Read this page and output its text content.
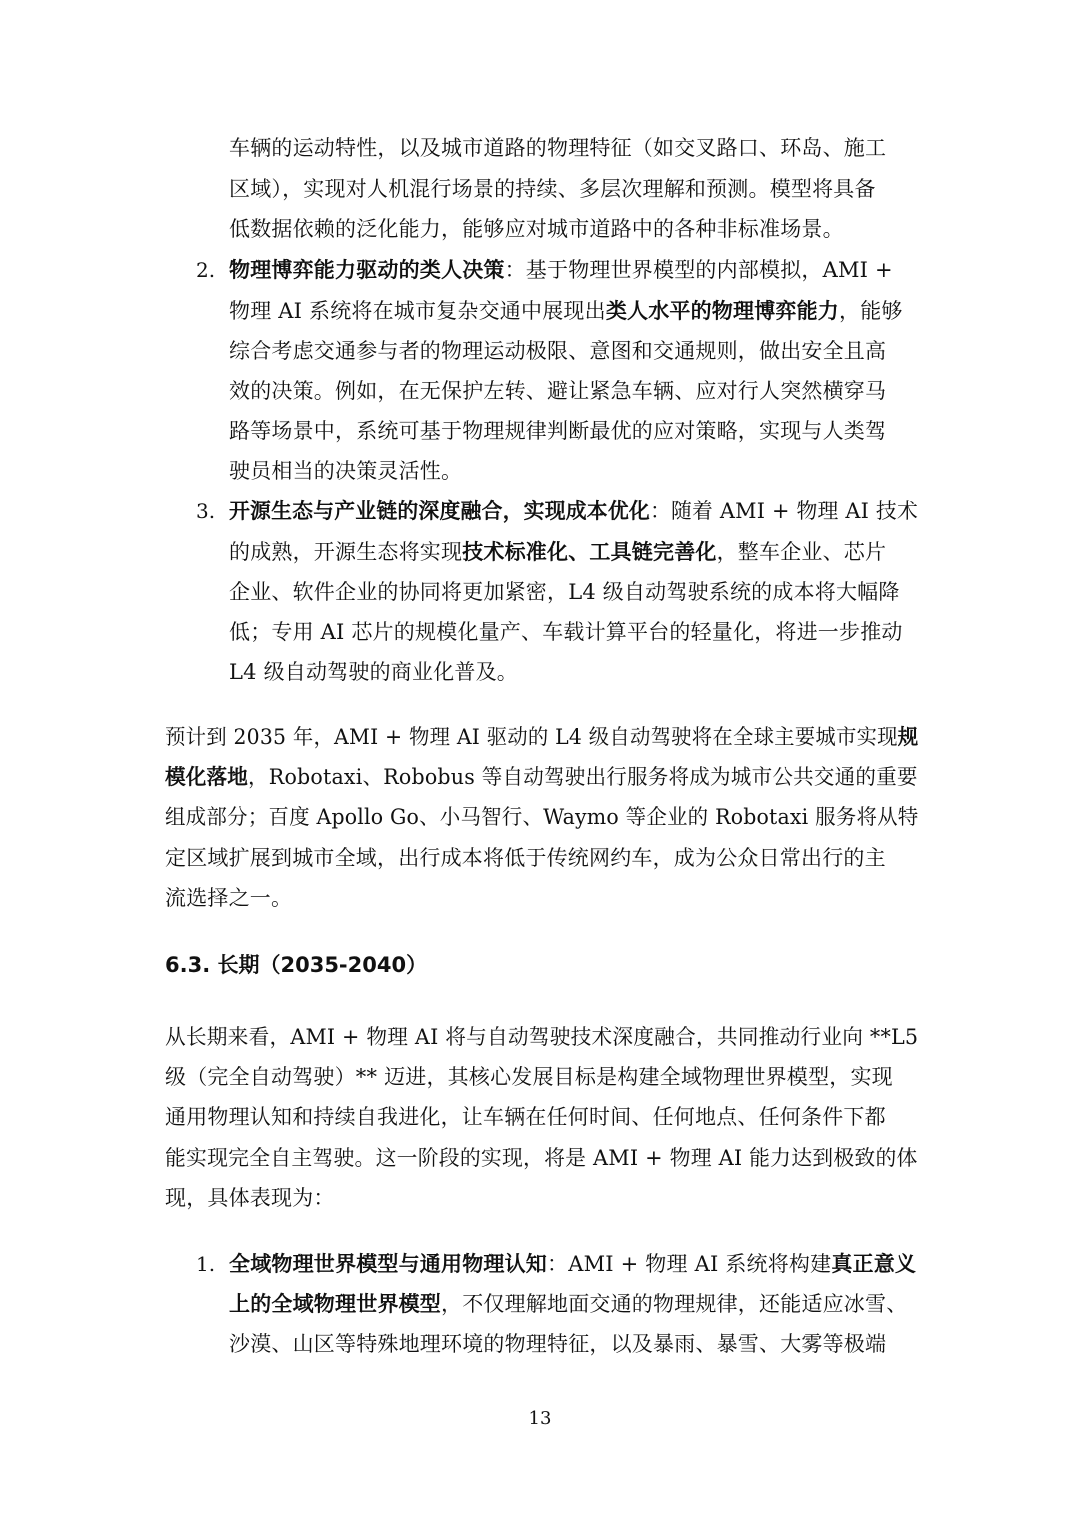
车辆的运动特性，以及城市道路的物理特征（如交叉路口、环岛、施工
区域），实现对人机混行场景的持续、多层次理解和预测。模型将具备
低数据依赖的泛化能力，能够应对城市道路中的各种非标准场景。
2. 物理博弈能力驱动的类人决策：基于物理世界模型的内部模拟，AMI +
物理 AI 系统将在城市复杂交通中展现出类人水平的物理博弈能力，能够
综合考虑交通参与者的物理运动极限、意图和交通规则，做出安全且高
效的决策。例如，在无保护左转、避让紧急车辆、应对行人突然横穿马
路等场景中，系统可基于物理规律判断最优的应对策略，实现与人类驾
驶员相当的决策灵活性。
3. 开源生态与产业链的深度融合，实现成本优化：随着 AMI + 物理 AI 技术
的成熟，开源生态将实现技术标准化、工具链完善化，整车企业、芯片
企业、软件企业的协同将更加紧密，L4 级自动驾驶系统的成本将大幅降
低；专用 AI 芯片的规模化量产、车载计算平台的轻量化，将进一步推动
L4 级自动驾驶的商业化普及。
预计到 2035 年，AMI + 物理 AI 驱动的 L4 级自动驾驶将在全球主要城市实现规
模化落地，Robotaxi、Robobus 等自动驾驶出行服务将成为城市公共交通的重要
组成部分；百度 Apollo Go、小马智行、Waymo 等企业的 Robotaxi 服务将从特
定区域扩展到城市全域，出行成本将低于传统网约车，成为公众日常出行的主
流选择之一。
6.3. 长期（2035-2040）
从长期来看，AMI + 物理 AI 将与自动驾驶技术深度融合，共同推动行业向 **L5
级（完全自动驾驶）** 迈进，其核心发展目标是构建全域物理世界模型，实现
通用物理认知和持续自我进化，让车辆在任何时间、任何地点、任何条件下都
能实现完全自主驾驶。这一阶段的实现，将是 AMI + 物理 AI 能力达到极致的体
现，具体表现为：
1. 全域物理世界模型与通用物理认知：AMI + 物理 AI 系统将构建真正意义
上的全域物理世界模型，不仅理解地面交通的物理规律，还能适应冰雪、
沙漠、山区等特殊地理环境的物理特征，以及暴雨、暴雪、大雾等极端
13
